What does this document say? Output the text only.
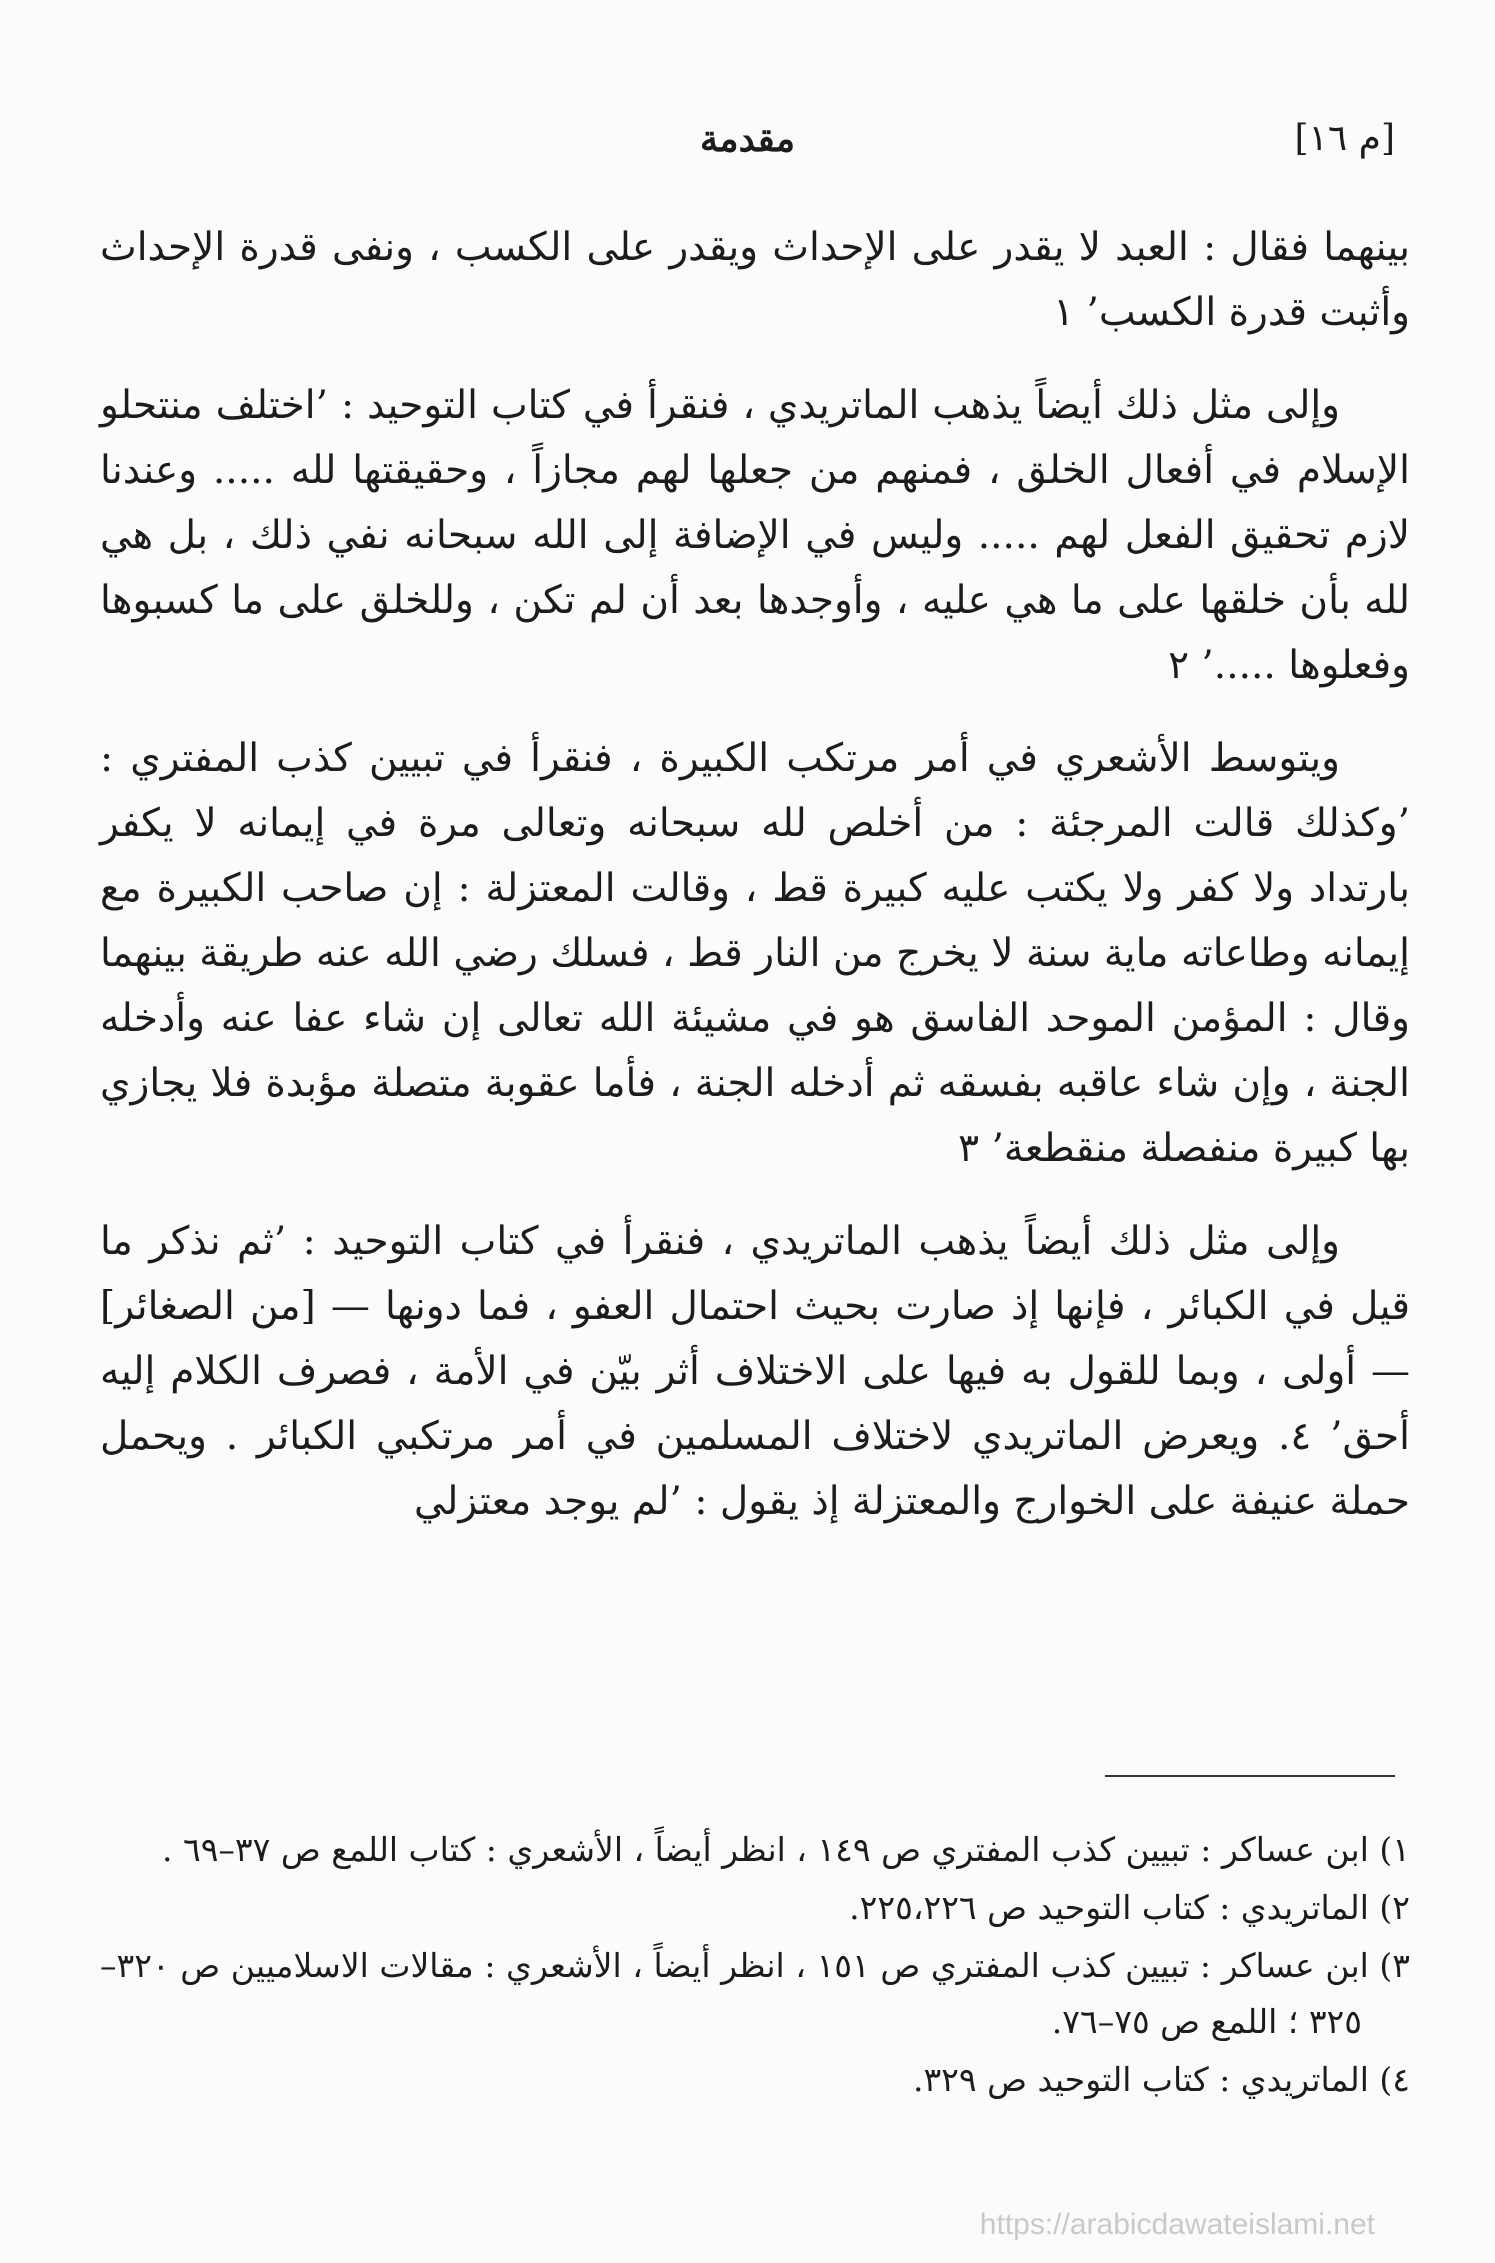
[م ١٦]
مقدمة

بينهما فقال : العبد لا يقدر على الإحداث ويقدر على الكسب ، ونفى قدرة الإحداث وأثبت قدرة الكسب’ ١

وإلى مثل ذلك أيضاً يذهب الماتريدي ، فنقرأ في كتاب التوحيد : ’اختلف منتحلو الإسلام في أفعال الخلق ، فمنهم من جعلها لهم مجازاً ، وحقيقتها لله ..... وعندنا لازم تحقيق الفعل لهم ..... وليس في الإضافة إلى الله سبحانه نفي ذلك ، بل هي لله بأن خلقها على ما هي عليه ، وأوجدها بعد أن لم تكن ، وللخلق على ما كسبوها وفعلوها .....’ ٢

ويتوسط الأشعري في أمر مرتكب الكبيرة ، فنقرأ في تبيين كذب المفتري : ’وكذلك قالت المرجئة : من أخلص لله سبحانه وتعالى مرة في إيمانه لا يكفر بارتداد ولا كفر ولا يكتب عليه كبيرة قط ، وقالت المعتزلة : إن صاحب الكبيرة مع إيمانه وطاعاته ماية سنة لا يخرج من النار قط ، فسلك رضي الله عنه طريقة بينهما وقال : المؤمن الموحد الفاسق هو في مشيئة الله تعالى إن شاء عفا عنه وأدخله الجنة ، وإن شاء عاقبه بفسقه ثم أدخله الجنة ، فأما عقوبة متصلة مؤبدة فلا يجازي بها كبيرة منفصلة منقطعة’ ٣

وإلى مثل ذلك أيضاً يذهب الماتريدي ، فنقرأ في كتاب التوحيد : ’ثم نذكر ما قيل في الكبائر ، فإنها إذ صارت بحيث احتمال العفو ، فما دونها — [من الصغائر] — أولى ، وبما للقول به فيها على الاختلاف أثر بيّن في الأمة ، فصرف الكلام إليه أحق’ ٤. ويعرض الماتريدي لاختلاف المسلمين في أمر مرتكبي الكبائر . ويحمل حملة عنيفة على الخوارج والمعتزلة إذ يقول : ’لم يوجد معتزلي

١) ابن عساكر : تبيين كذب المفتري ص ١٤٩ ، انظر أيضاً ، الأشعري : كتاب اللمع ص ٣٧–٦٩ .

٢) الماتريدي : كتاب التوحيد ص ٢٢٥،٢٢٦.

٣) ابن عساكر : تبيين كذب المفتري ص ١٥١ ، انظر أيضاً ، الأشعري : مقالات الاسلاميين ص ٣٢٠–٣٢٥ ؛ اللمع ص ٧٥–٧٦.

٤) الماتريدي : كتاب التوحيد ص ٣٢٩.

https://arabicdawateislami.net
